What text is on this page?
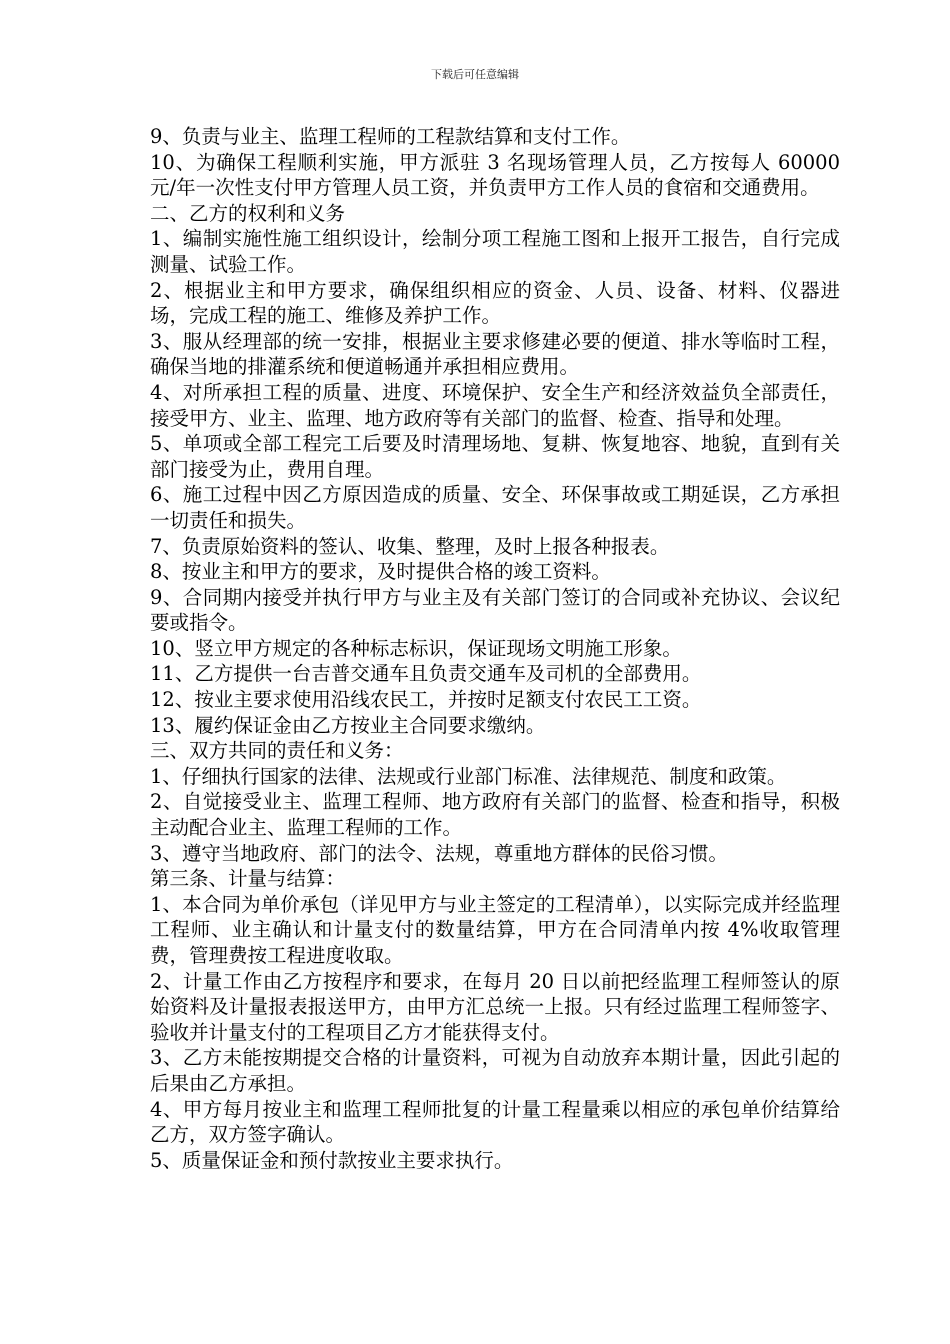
下载后可任意编辑

9、负责与业主、监理工程师的工程款结算和支付工作。

10、为确保工程顺利实施，甲方派驻 3 名现场管理人员，乙方按每人 60000 元/年一次性支付甲方管理人员工资，并负责甲方工作人员的食宿和交通费用。

二、乙方的权利和义务

1、编制实施性施工组织设计，绘制分项工程施工图和上报开工报告，自行完成测量、试验工作。

2、根据业主和甲方要求，确保组织相应的资金、人员、设备、材料、仪器进场，完成工程的施工、维修及养护工作。

3、服从经理部的统一安排，根据业主要求修建必要的便道、排水等临时工程，确保当地的排灌系统和便道畅通并承担相应费用。

4、对所承担工程的质量、进度、环境保护、安全生产和经济效益负全部责任，接受甲方、业主、监理、地方政府等有关部门的监督、检查、指导和处理。

5、单项或全部工程完工后要及时清理场地、复耕、恢复地容、地貌，直到有关部门接受为止，费用自理。

6、施工过程中因乙方原因造成的质量、安全、环保事故或工期延误，乙方承担一切责任和损失。

7、负责原始资料的签认、收集、整理，及时上报各种报表。

8、按业主和甲方的要求，及时提供合格的竣工资料。

9、合同期内接受并执行甲方与业主及有关部门签订的合同或补充协议、会议纪要或指令。

10、竖立甲方规定的各种标志标识，保证现场文明施工形象。

11、乙方提供一台吉普交通车且负责交通车及司机的全部费用。

12、按业主要求使用沿线农民工，并按时足额支付农民工工资。

13、履约保证金由乙方按业主合同要求缴纳。

三、双方共同的责任和义务：

1、仔细执行国家的法律、法规或行业部门标准、法律规范、制度和政策。

2、自觉接受业主、监理工程师、地方政府有关部门的监督、检查和指导，积极主动配合业主、监理工程师的工作。

3、遵守当地政府、部门的法令、法规，尊重地方群体的民俗习惯。

第三条、计量与结算：

1、本合同为单价承包（详见甲方与业主签定的工程清单），以实际完成并经监理工程师、业主确认和计量支付的数量结算，甲方在合同清单内按 4%收取管理费，管理费按工程进度收取。

2、计量工作由乙方按程序和要求，在每月 20 日以前把经监理工程师签认的原始资料及计量报表报送甲方，由甲方汇总统一上报。只有经过监理工程师签字、验收并计量支付的工程项目乙方才能获得支付。

3、乙方未能按期提交合格的计量资料，可视为自动放弃本期计量，因此引起的后果由乙方承担。

4、甲方每月按业主和监理工程师批复的计量工程量乘以相应的承包单价结算给乙方，双方签字确认。

5、质量保证金和预付款按业主要求执行。
